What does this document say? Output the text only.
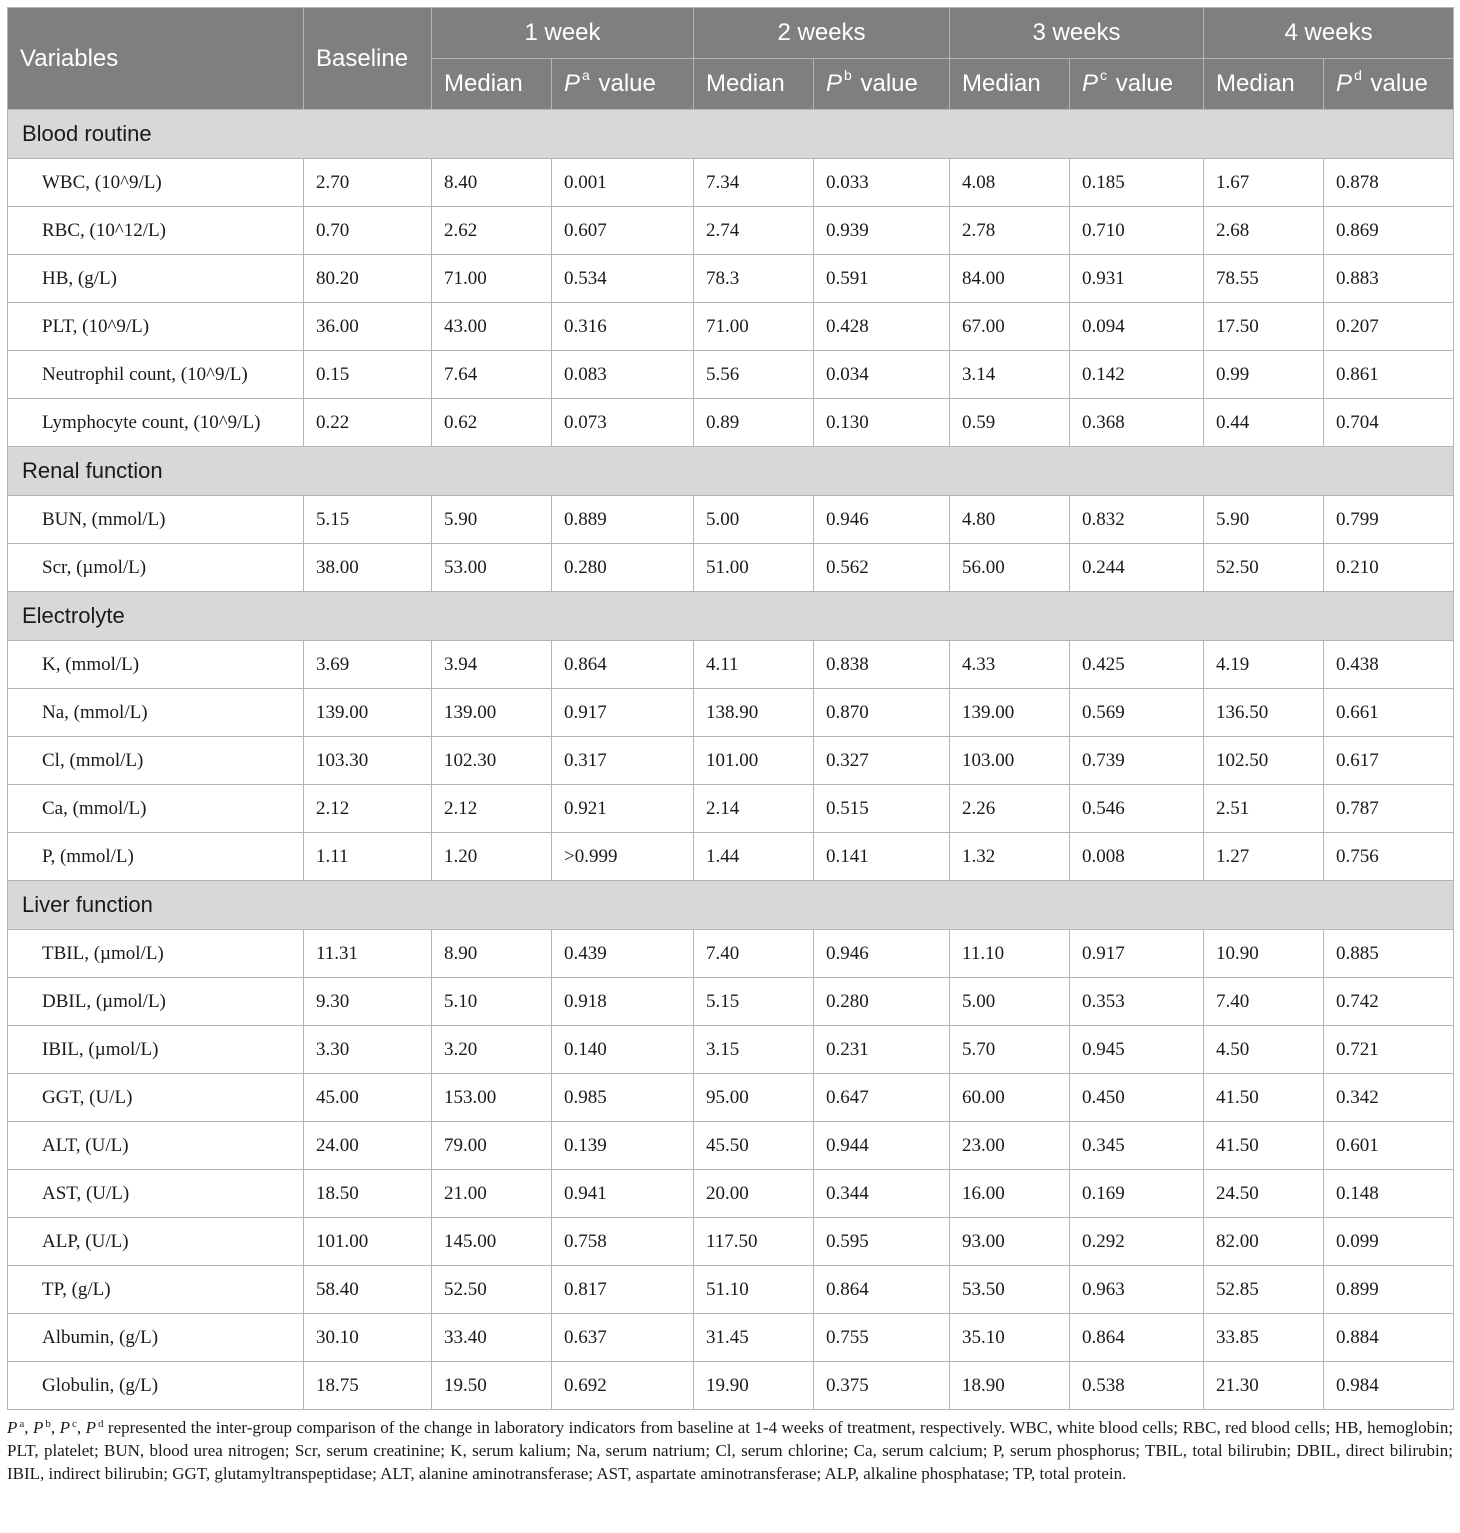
Variables	Baseline	1 week		2 weeks		3 weeks		4 weeks	
		Median	P $^a$ value	Median	P $^b$ value	Median	P $^c$ value	Median	P $^d$ value
Blood routine									
WBC, (10^9/L)	2.70	8.40	0.001	7.34	0.033	4.08	0.185	1.67	0.878
RBC, (10^12/L)	0.70	2.62	0.607	2.74	0.939	2.78	0.710	2.68	0.869
HB, (g/L)	80.20	71.00	0.534	78.3	0.591	84.00	0.931	78.55	0.883
PLT, (10^9/L)	36.00	43.00	0.316	71.00	0.428	67.00	0.094	17.50	0.207
Neutrophil count, (10^9/L)	0.15	7.64	0.083	5.56	0.034	3.14	0.142	0.99	0.861
Lymphocyte count, (10^9/L)	0.22	0.62	0.073	0.89	0.130	0.59	0.368	0.44	0.704
Renal function									
BUN, (mmol/L)	5.15	5.90	0.889	5.00	0.946	4.80	0.832	5.90	0.799
Scr, (µmol/L)	38.00	53.00	0.280	51.00	0.562	56.00	0.244	52.50	0.210
Electrolyte									
K, (mmol/L)	3.69	3.94	0.864	4.11	0.838	4.33	0.425	4.19	0.438
Na, (mmol/L)	139.00	139.00	0.917	138.90	0.870	139.00	0.569	136.50	0.661
Cl, (mmol/L)	103.30	102.30	0.317	101.00	0.327	103.00	0.739	102.50	0.617
Ca, (mmol/L)	2.12	2.12	0.921	2.14	0.515	2.26	0.546	2.51	0.787
P, (mmol/L)	1.11	1.20	>0.999	1.44	0.141	1.32	0.008	1.27	0.756
Liver function									
TBIL, (µmol/L)	11.31	8.90	0.439	7.40	0.946	11.10	0.917	10.90	0.885
DBIL, (µmol/L)	9.30	5.10	0.918	5.15	0.280	5.00	0.353	7.40	0.742
IBIL, (µmol/L)	3.30	3.20	0.140	3.15	0.231	5.70	0.945	4.50	0.721
GGT, (U/L)	45.00	153.00	0.985	95.00	0.647	60.00	0.450	41.50	0.342
ALT, (U/L)	24.00	79.00	0.139	45.50	0.944	23.00	0.345	41.50	0.601
AST, (U/L)	18.50	21.00	0.941	20.00	0.344	16.00	0.169	24.50	0.148
ALP, (U/L)	101.00	145.00	0.758	117.50	0.595	93.00	0.292	82.00	0.099
TP, (g/L)	58.40	52.50	0.817	51.10	0.864	53.50	0.963	52.85	0.899
Albumin, (g/L)	30.10	33.40	0.637	31.45	0.755	35.10	0.864	33.85	0.884
Globulin, (g/L)	18.75	19.50	0.692	19.90	0.375	18.90	0.538	21.30	0.984
P $^a$, P $^b$, P $^c$, P $^d$ represented the inter-group comparison of the change in laboratory indicators from baseline at 1-4 weeks of treatment, respectively. WBC, white blood cells; RBC, red blood cells; HB, hemoglobin; PLT, platelet; BUN, blood urea nitrogen; Scr, serum creatinine; K, serum kalium; Na, serum natrium; Cl, serum chlorine; Ca, serum calcium; P, serum phosphorus; TBIL, total bilirubin; DBIL, direct bilirubin; IBIL, indirect bilirubin; GGT, glutamyltranspeptidase; ALT, alanine aminotransferase; AST, aspartate aminotransferase; ALP, alkaline phosphatase; TP, total protein.
